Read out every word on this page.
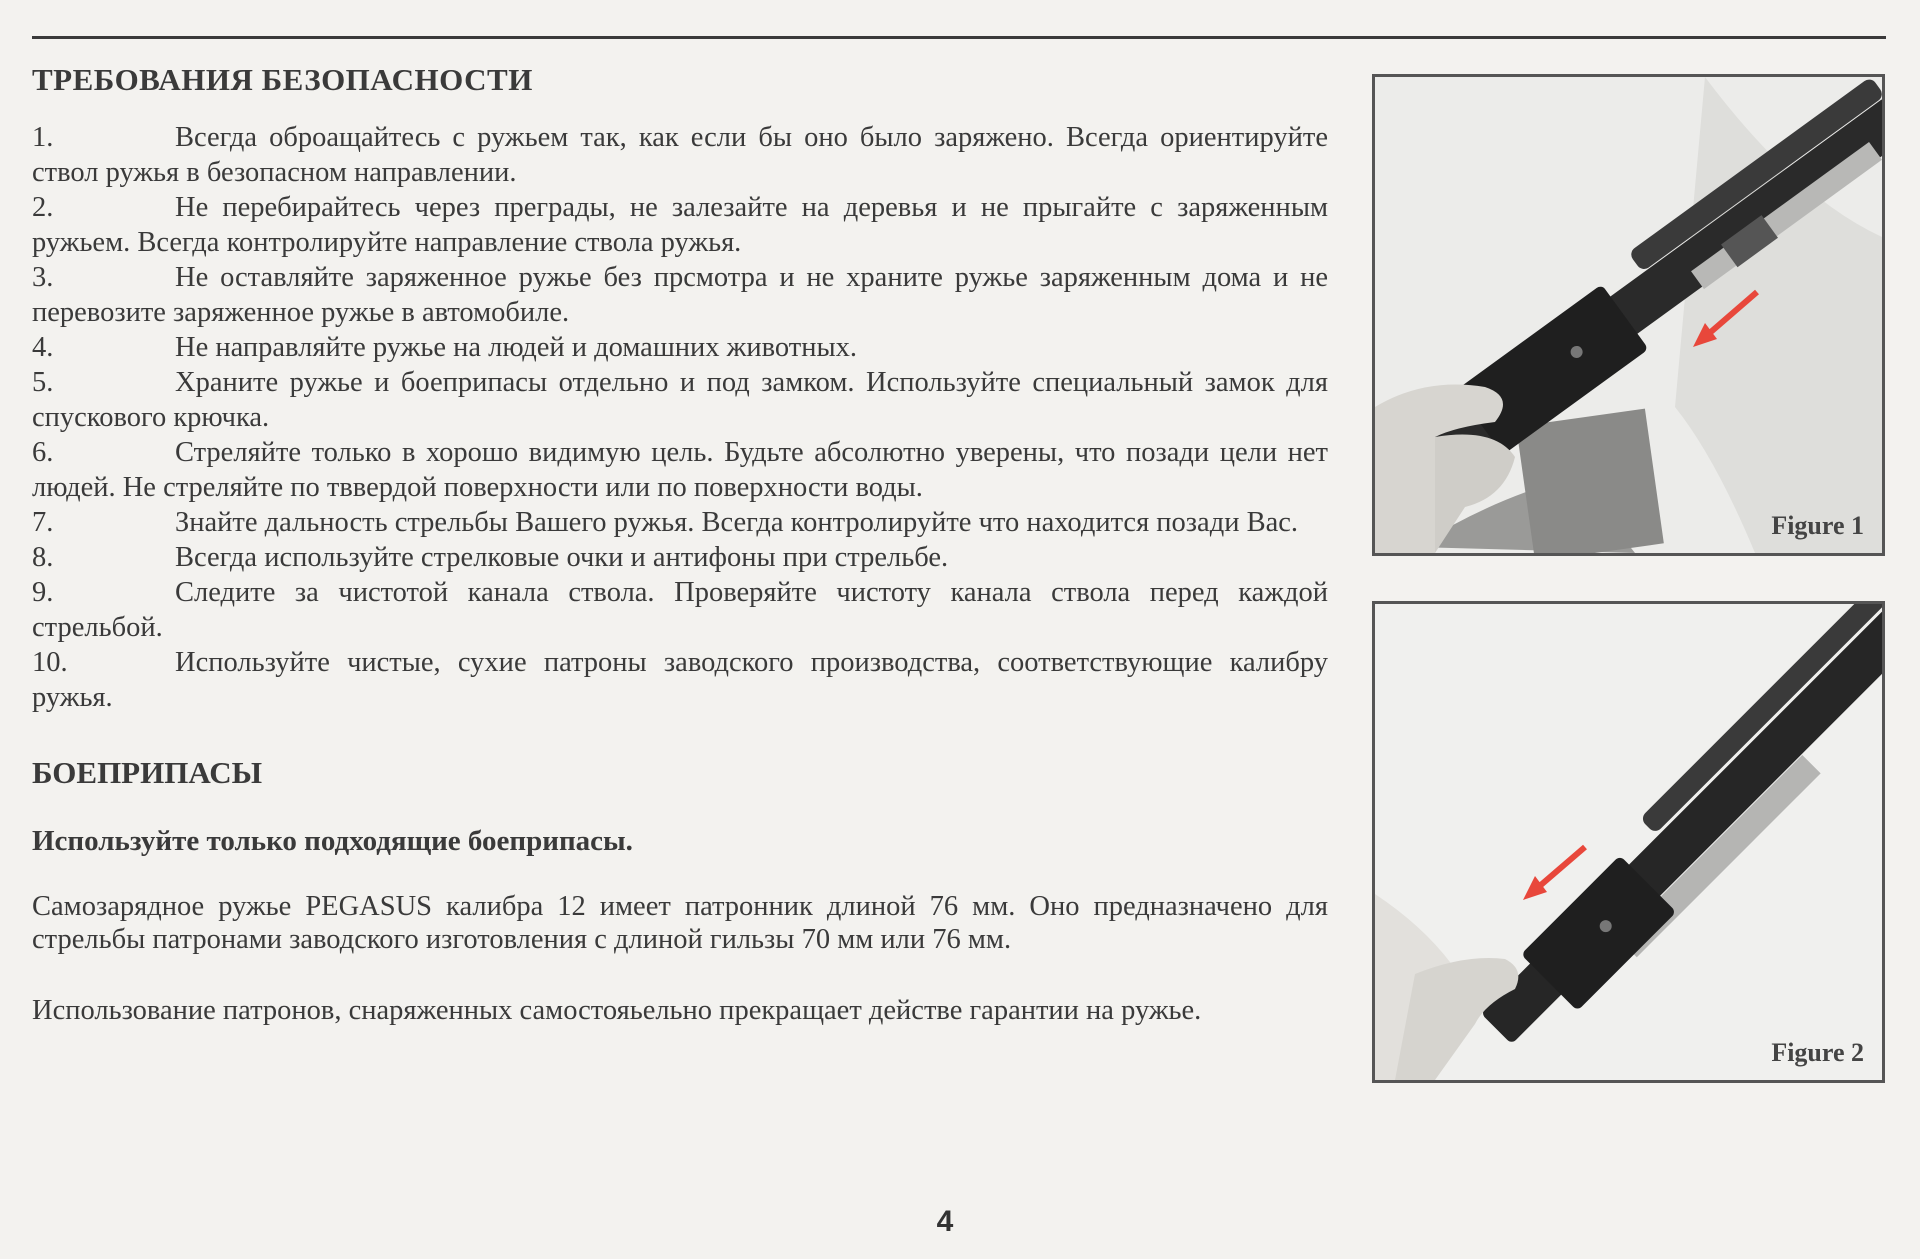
ТРЕБОВАНИЯ БЕЗОПАСНОСТИ
1.	Всегда оброащайтесь с ружьем так, как если бы оно было заряжено. Всегда ориентируйте ствол ружья в безопасном направлении.
2.	Не перебирайтесь через преграды, не залезайте на деревья и не прыгайте с заряженным ружьем. Всегда контролируйте направление ствола ружья.
3.	Не оставляйте заряженное ружье без прсмотра и не храните ружье заряженным дома и не перевозите заряженное ружье в автомобиле.
4.	Не направляйте ружье на людей и домашних животных.
5.	Храните ружье и боеприпасы отдельно и под замком. Используйте специальный замок для спускового крючка.
6.	Стреляйте только в хорошо видимую цель. Будьте абсолютно уверены, что позади цели нет людей. Не стреляйте по тввердой поверхности или по поверхности воды.
7.	Знайте дальность стрельбы Вашего ружья. Всегда контролируйте что находится позади Вас.
8.	Всегда используйте стрелковые очки и антифоны при стрельбе.
9.	Следите за чистотой канала ствола. Проверяйте чистоту канала ствола перед каждой стрельбой.
10.	Используйте чистые, сухие патроны заводского производства, соответствующие калибру ружья.
БОЕПРИПАСЫ

Используйте только подходящие боеприпасы.

Самозарядное ружье PEGASUS калибра 12 имеет патронник длиной 76 мм. Оно предназначено для стрельбы патронами заводского изготовления с длиной гильзы 70 мм или 76 мм.

Использование патронов, снаряженных самостояьельно прекращает действе гарантии на ружье.

Figure 1
Figure 2
4
